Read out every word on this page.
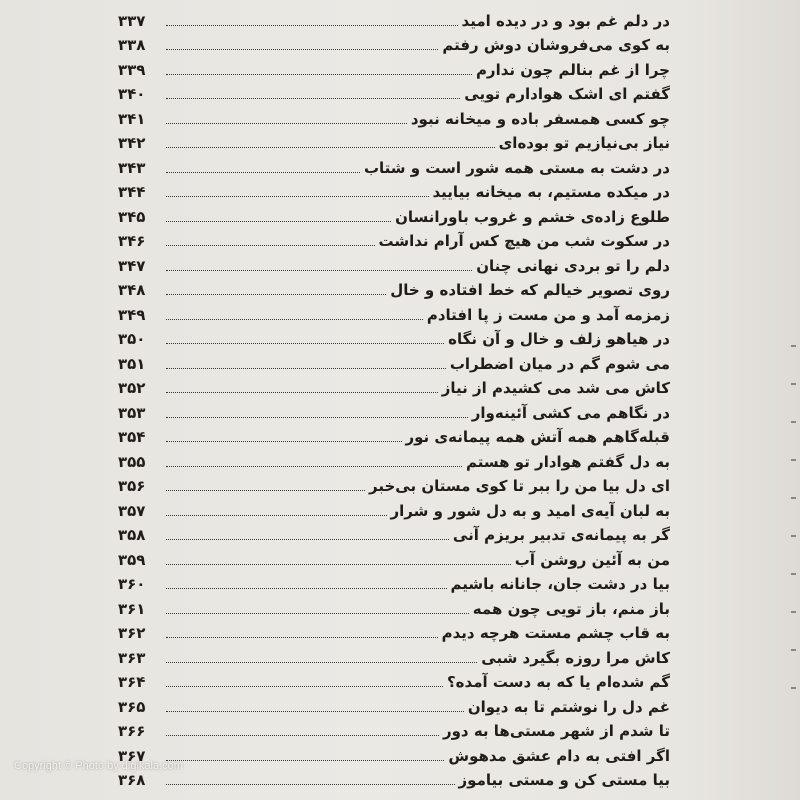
در دلم غم بود و در دیده امید
۳۳۷
به کوی می‌فروشان دوش رفتم
۳۳۸
چرا از غم بنالم چون ندارم
۳۳۹
گفتم ای اشک هوادارم تویی
۳۴۰
چو کسی همسفر باده و میخانه نبود
۳۴۱
نیاز بی‌نیازیم تو بوده‌ای
۳۴۲
در دشت به مستی همه شور است و شتاب
۳۴۳
در میکده مستیم، به میخانه بیایید
۳۴۴
طلوع زاده‌ی خشم و غروب باورانسان
۳۴۵
در سکوت شب من هیچ کس آرام نداشت
۳۴۶
دلم را تو بردی نهانی چنان
۳۴۷
روی تصویر خیالم که خط افتاده و خال
۳۴۸
زمزمه آمد و من مست ز پا افتادم
۳۴۹
در هیاهو زلف و خال و آن نگاه
۳۵۰
می شوم گم در میان اضطراب
۳۵۱
کاش می شد می کشیدم از نیاز
۳۵۲
در نگاهم می کشی آئینه‌وار
۳۵۳
قبله‌گاهم همه آتش همه پیمانه‌ی نور
۳۵۴
به دل گفتم هوادار تو هستم
۳۵۵
ای دل بیا من را ببر تا کوی مستان بی‌خبر
۳۵۶
به لبان آیه‌ی امید و به دل شور و شرار
۳۵۷
گر به پیمانه‌ی تدبیر بریزم آنی
۳۵۸
من به آئین روشن آب
۳۵۹
بیا در دشت جان، جانانه باشیم
۳۶۰
باز منم، باز تویی چون همه
۳۶۱
به قاب چشم مستت هرچه دیدم
۳۶۲
کاش مرا روزه بگیرد شبی
۳۶۳
گم شده‌ام یا که به دست آمده؟
۳۶۴
غم دل را نوشتم تا به دیوان
۳۶۵
تا شدم از شهر مستی‌ها به دور
۳۶۶
اگر افتی به دام عشق مدهوش
۳۶۷
بیا مستی کن و مستی بیاموز
۳۶۸
Copyright © Photo by digikala.com
